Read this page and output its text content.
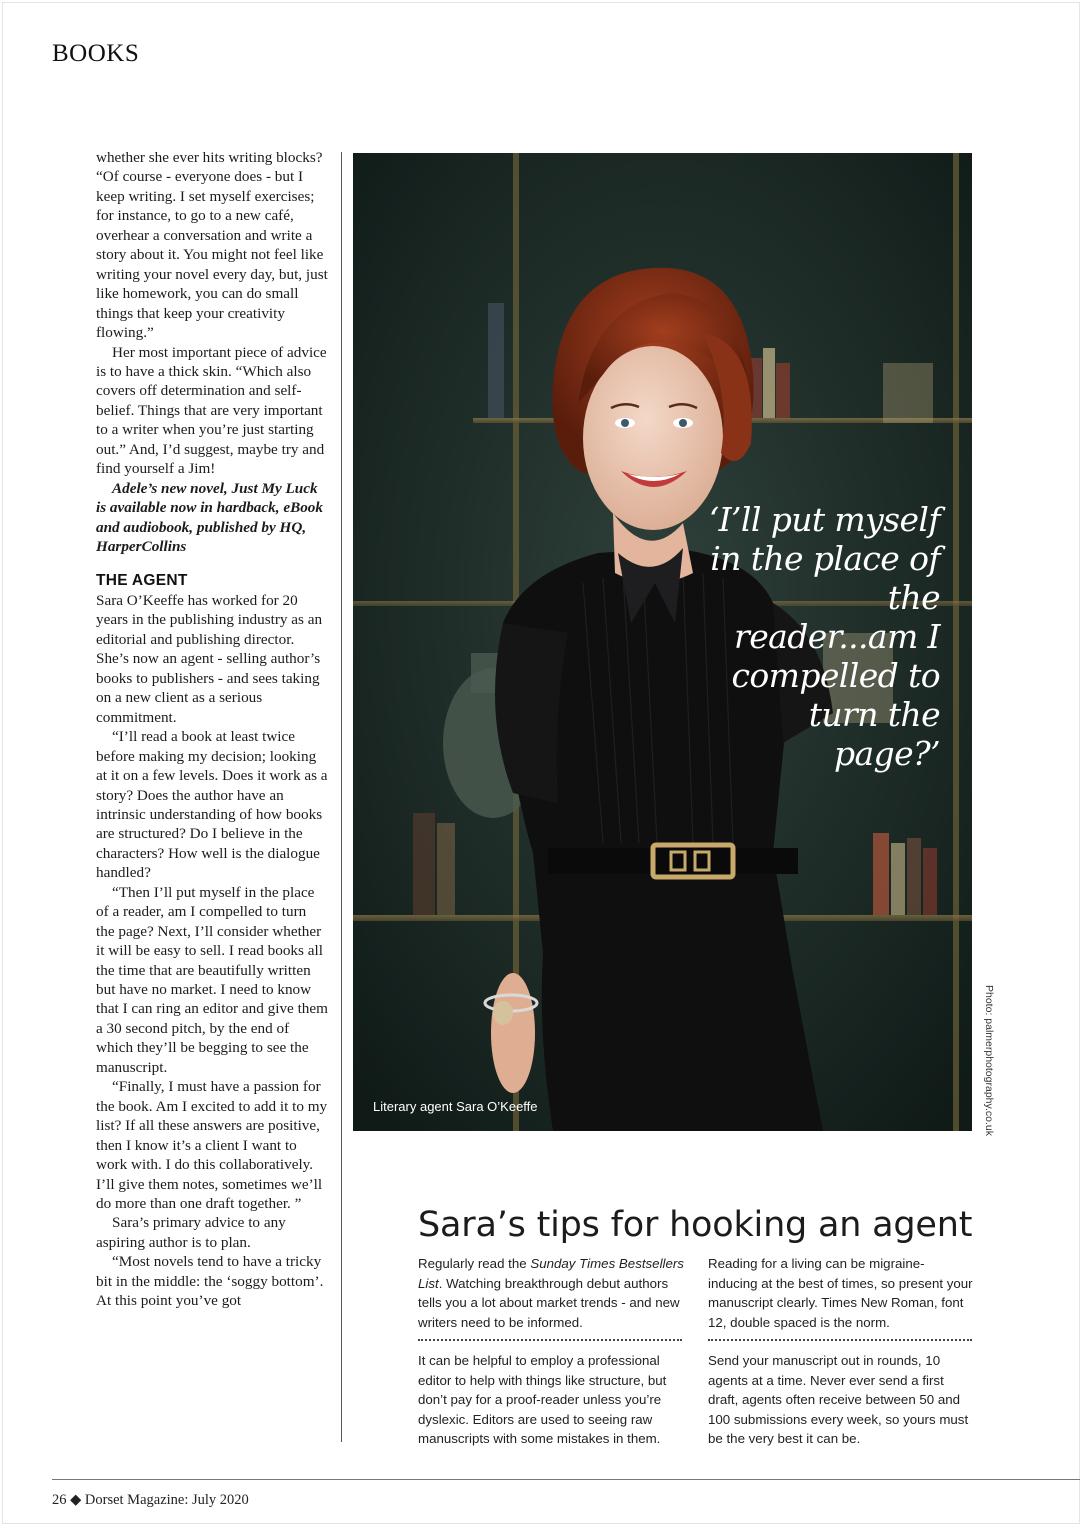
BOOKS

whether she ever hits writing blocks? “Of course - everyone does - but I keep writing. I set myself exercises; for instance, to go to a new café, overhear a conversation and write a story about it. You might not feel like writing your novel every day, but, just like homework, you can do small things that keep your creativity flowing.”

Her most important piece of advice is to have a thick skin. “Which also covers off determination and self-belief. Things that are very important to a writer when you’re just starting out.” And, I’d suggest, maybe try and find yourself a Jim!

Adele’s new novel, Just My Luck is available now in hardback, eBook and audiobook, published by HQ, HarperCollins

THE AGENT

Sara O’Keeffe has worked for 20 years in the publishing industry as an editorial and publishing director. She’s now an agent - selling author’s books to publishers - and sees taking on a new client as a serious commitment.

“I’ll read a book at least twice before making my decision; looking at it on a few levels. Does it work as a story? Does the author have an intrinsic understanding of how books are structured? Do I believe in the characters? How well is the dialogue handled?

“Then I’ll put myself in the place of a reader, am I compelled to turn the page? Next, I’ll consider whether it will be easy to sell. I read books all the time that are beautifully written but have no market. I need to know that I can ring an editor and give them a 30 second pitch, by the end of which they’ll be begging to see the manuscript.

“Finally, I must have a passion for the book. Am I excited to add it to my list? If all these answers are positive, then I know it’s a client I want to work with. I do this collaboratively. I’ll give them notes, sometimes we’ll do more than one draft together. ”

Sara’s primary advice to any aspiring author is to plan.

“Most novels tend to have a tricky bit in the middle: the ‘soggy bottom’. At this point you’ve got

Literary agent Sara O’Keeffe
‘I’ll put myself in the place of the reader...am I compelled to turn the page?’
Photo: palmerphotography.co.uk
Sara’s tips for hooking an agent
Regularly read the Sunday Times Bestsellers List. Watching breakthrough debut authors tells you a lot about market trends - and new writers need to be informed.
Reading for a living can be migraine-inducing at the best of times, so present your manuscript clearly. Times New Roman, font 12, double spaced is the norm.
It can be helpful to employ a professional editor to help with things like structure, but don’t pay for a proof-reader unless you’re dyslexic. Editors are used to seeing raw manuscripts with some mistakes in them.
Send your manuscript out in rounds, 10 agents at a time. Never ever send a first draft, agents often receive between 50 and 100 submissions every week, so yours must be the very best it can be.
26 ◆ Dorset Magazine: July 2020
